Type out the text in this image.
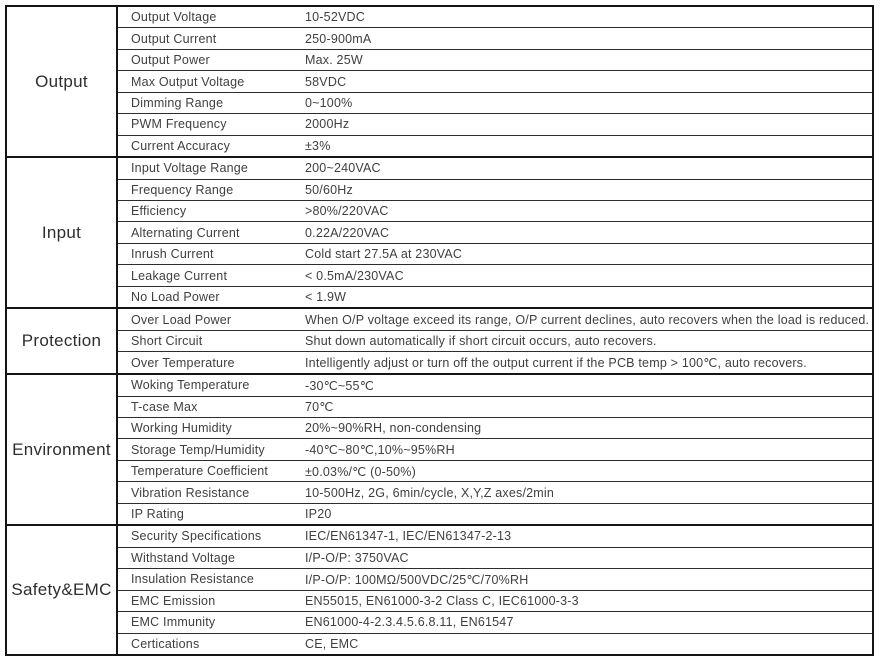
Output
Output Voltage	10-52VDC
Output Current	250-900mA
Output Power	Max. 25W
Max Output Voltage	58VDC
Dimming Range	0~100%
PWM Frequency	2000Hz
Current Accuracy	±3%
Input
Input Voltage Range	200~240VAC
Frequency Range	50/60Hz
Efficiency	>80%/220VAC
Alternating Current	0.22A/220VAC
Inrush Current	Cold start 27.5A at 230VAC
Leakage Current	< 0.5mA/230VAC
No Load Power	< 1.9W
Protection
Over Load Power	When O/P voltage exceed its range, O/P current declines, auto recovers when the load is reduced.
Short Circuit	Shut down automatically if short circuit occurs, auto recovers.
Over Temperature	Intelligently adjust or turn off the output current if the PCB temp > 100℃, auto recovers.
Environment
Woking Temperature	-30℃~55℃
T-case Max	70℃
Working Humidity	20%~90%RH, non-condensing
Storage Temp/Humidity	-40℃~80℃,10%~95%RH
Temperature Coefficient	±0.03%/℃ (0-50%)
Vibration Resistance	10-500Hz, 2G, 6min/cycle, X,Y,Z axes/2min
IP Rating	IP20
Safety&EMC
Security Specifications	IEC/EN61347-1, IEC/EN61347-2-13
Withstand Voltage	I/P-O/P: 3750VAC
Insulation Resistance	I/P-O/P: 100MΩ/500VDC/25℃/70%RH
EMC Emission	EN55015, EN61000-3-2 Class C, IEC61000-3-3
EMC Immunity	EN61000-4-2.3.4.5.6.8.11, EN61547
Certications	CE, EMC
